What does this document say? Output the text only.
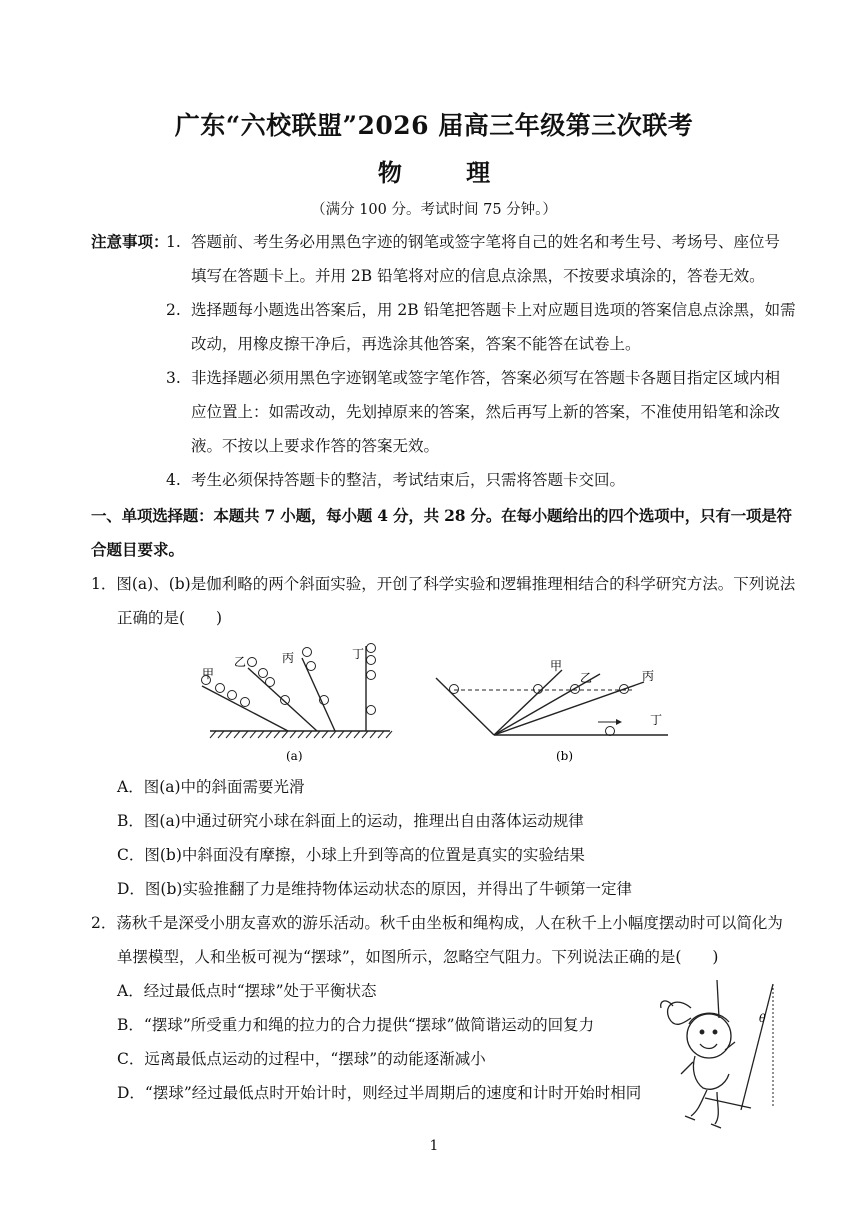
广东“六校联盟”2026 届高三年级第三次联考
物 理
（满分 100 分。考试时间 75 分钟。）
注意事项：
1. 答题前、考生务必用黑色字迹的钢笔或签字笔将自己的姓名和考生号、考场号、座位号
填写在答题卡上。并用 2B 铅笔将对应的信息点涂黑，不按要求填涂的，答卷无效。
2. 选择题每小题选出答案后，用 2B 铅笔把答题卡上对应题目选项的答案信息点涂黑，如需
改动，用橡皮擦干净后，再选涂其他答案，答案不能答在试卷上。
3. 非选择题必须用黑色字迹钢笔或签字笔作答，答案必须写在答题卡各题目指定区域内相
应位置上：如需改动，先划掉原来的答案，然后再写上新的答案，不准使用铅笔和涂改
液。不按以上要求作答的答案无效。
4. 考生必须保持答题卡的整洁，考试结束后，只需将答题卡交回。
一、单项选择题：本题共 7 小题，每小题 4 分，共 28 分。在每小题给出的四个选项中，只有一项是符
合题目要求。
1．图(a)、(b)是伽利略的两个斜面实验，开创了科学实验和逻辑推理相结合的科学研究方法。下列说法
正确的是(　　)
甲
乙	丙	丁
(a)
甲
乙	丙
丁
(b)
A．图(a)中的斜面需要光滑
B．图(a)中通过研究小球在斜面上的运动，推理出自由落体运动规律
C．图(b)中斜面没有摩擦，小球上升到等高的位置是真实的实验结果
D．图(b)实验推翻了力是维持物体运动状态的原因，并得出了牛顿第一定律
2．荡秋千是深受小朋友喜欢的游乐活动。秋千由坐板和绳构成，人在秋千上小幅度摆动时可以简化为
单摆模型，人和坐板可视为“摆球”，如图所示，忽略空气阻力。下列说法正确的是(　　)
A．经过最低点时“摆球”处于平衡状态
B．“摆球”所受重力和绳的拉力的合力提供“摆球”做简谐运动的回复力
C．远离最低点运动的过程中，“摆球”的动能逐渐减小
D．“摆球”经过最低点时开始计时，则经过半周期后的速度和计时开始时相同
θ
1
